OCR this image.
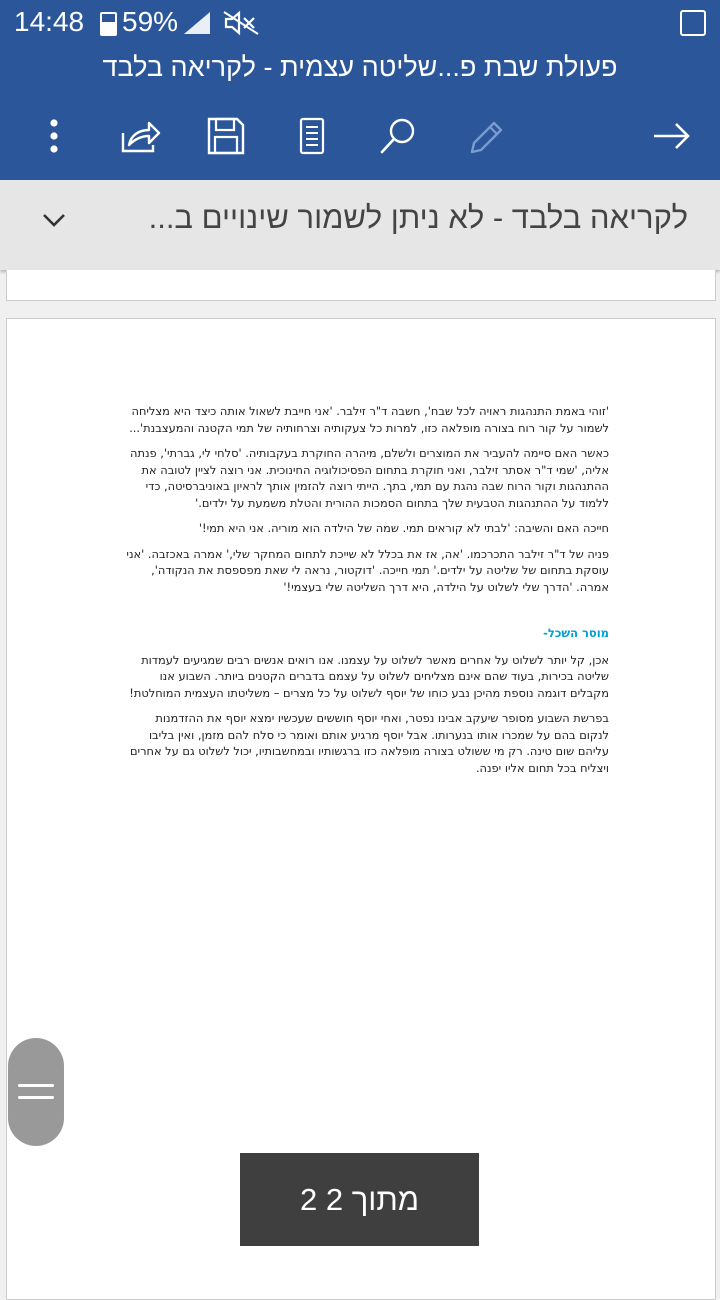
14:48 59%
פעולת שבת פ...שליטה עצמית - לקריאה בלבד
לקריאה בלבד - לא ניתן לשמור שינויים ב...

'זוהי באמת התנהגות ראויה לכל שבח', חשבה ד"ר זילבר. 'אני חייבת לשאול אותה כיצד היא מצליחה לשמור על קור רוח בצורה מופלאה כזו, למרות כל צעקותיה וצרחותיה של תמי הקטנה והמעצבנת'...

כאשר האם סיימה להעביר את המוצרים ולשלם, מיהרה החוקרת בעקבותיה. 'סלחי לי, גברתי', פנתה אליה, 'שמי ד"ר אסתר זילבר, ואני חוקרת בתחום הפסיכולוגיה החינוכית. אני רוצה לציין לטובה את ההתנהגות וקור הרוח שבה נהגת עם תמי, בתך. הייתי רוצה להזמין אותך לראיון באוניברסיטה, כדי ללמוד על ההתנהגות הטבעית שלך בתחום הסמכות ההורית והטלת משמעת על ילדים.'

חייכה האם והשיבה: 'לבתי לא קוראים תמי. שמה של הילדה הוא מוריה. אני היא תמי!'

פניה של ד"ר זילבר התכרכמו. 'אה, אז את בכלל לא שייכת לתחום המחקר שלי,' אמרה באכזבה. 'אני עוסקת בתחום של שליטה על ילדים.' תמי חייכה. 'דוקטור, נראה לי שאת מפספסת את הנקודה', אמרה. 'הדרך שלי לשלוט על הילדה, היא דרך השליטה שלי בעצמי!'

מוסר השכל-

אכן, קל יותר לשלוט על אחרים מאשר לשלוט על עצמנו. אנו רואים אנשים רבים שמגיעים לעמדות שליטה בכירות, בעוד שהם אינם מצליחים לשלוט על עצמם בדברים הקטנים ביותר. השבוע אנו מקבלים דוגמה נוספת מהיכן נבע כוחו של יוסף לשלוט על כל מצרים – משליטתו העצמית המוחלטת!

בפרשת השבוע מסופר שיעקב אבינו נפטר, ואחי יוסף חוששים שעכשיו ימצא יוסף את ההזדמנות לנקום בהם על שמכרו אותו בנערותו. אבל יוסף מרגיע אותם ואומר כי סלח להם מזמן, ואין בליבו עליהם שום טינה. רק מי ששולט בצורה מופלאה כזו ברגשותיו ובמחשבותיו, יכול לשלוט גם על אחרים ויצליח בכל תחום אליו יפנה.

מתוך 2 2
